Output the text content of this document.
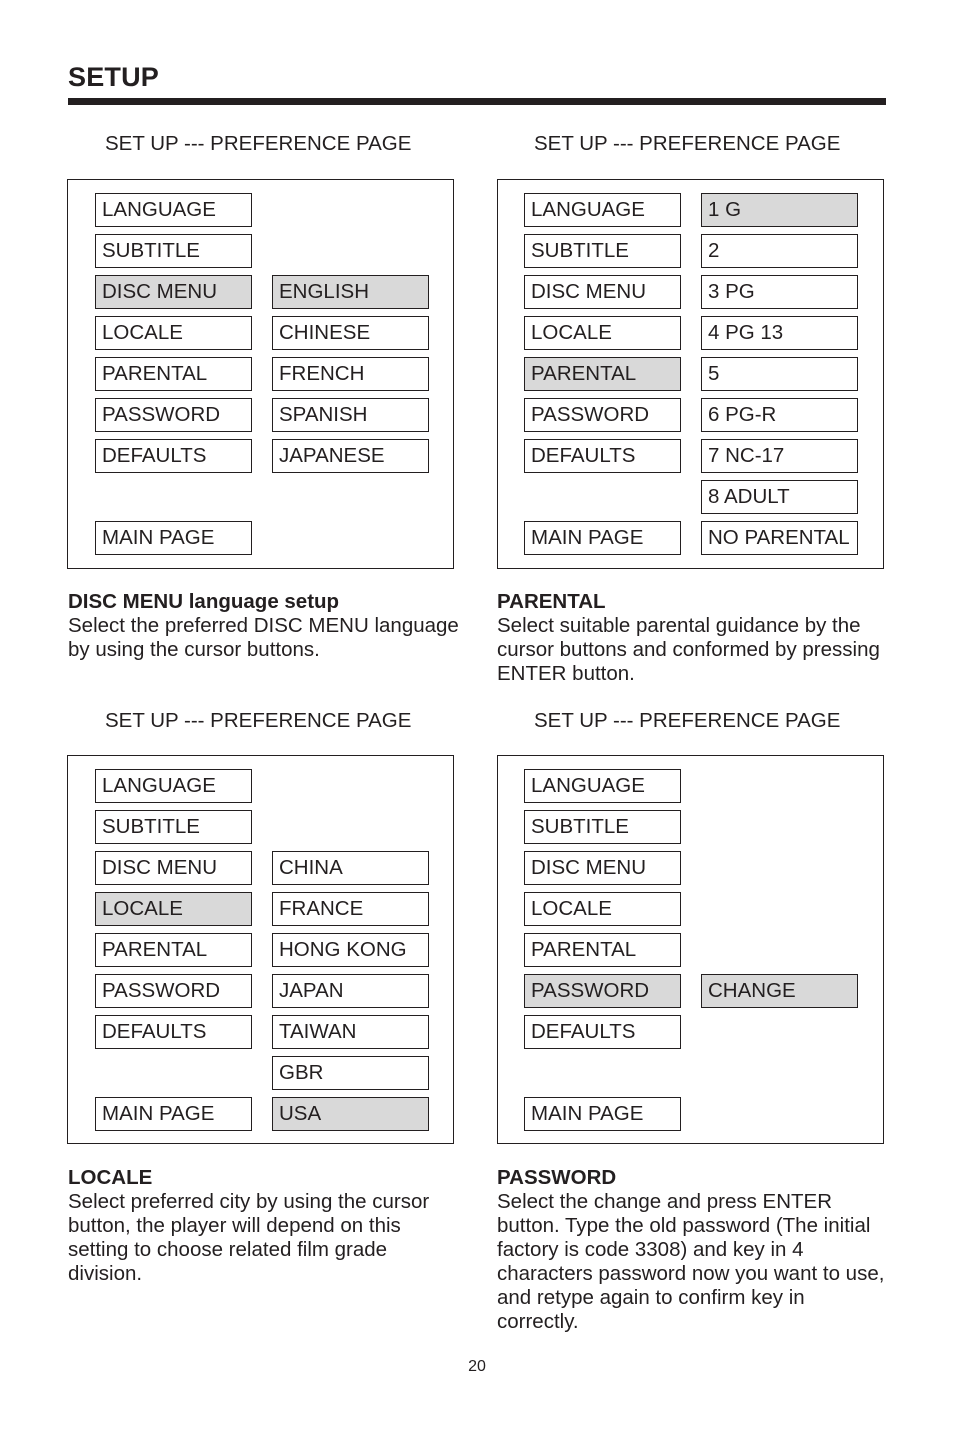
SETUP
SET UP --- PREFERENCE PAGE
LANGUAGE
SUBTITLE
DISC MENU
LOCALE
PARENTAL
PASSWORD
DEFAULTS
MAIN PAGE
ENGLISH
CHINESE
FRENCH
SPANISH
JAPANESE
DISC MENU language setup
Select the preferred DISC MENU language by using the cursor buttons.
SET UP --- PREFERENCE PAGE
LANGUAGE
SUBTITLE
DISC MENU
LOCALE
PARENTAL
PASSWORD
DEFAULTS
MAIN PAGE
1 G
2
3 PG
4 PG 13
5
6 PG-R
7 NC-17
8 ADULT
NO PARENTAL
PARENTAL
Select suitable parental guidance by the cursor buttons and conformed by pressing ENTER button.
SET UP --- PREFERENCE PAGE
LANGUAGE
SUBTITLE
DISC MENU
LOCALE
PARENTAL
PASSWORD
DEFAULTS
MAIN PAGE
CHINA
FRANCE
HONG KONG
JAPAN
TAIWAN
GBR
USA
LOCALE
Select preferred city by using the cursor button, the player will depend on this setting to choose related film grade division.
SET UP --- PREFERENCE PAGE
LANGUAGE
SUBTITLE
DISC MENU
LOCALE
PARENTAL
PASSWORD
DEFAULTS
MAIN PAGE
CHANGE
PASSWORD
Select the change and press ENTER button. Type the old password (The initial factory is code 3308) and key in 4 characters password now you want to use, and retype again to confirm key in correctly.
20
